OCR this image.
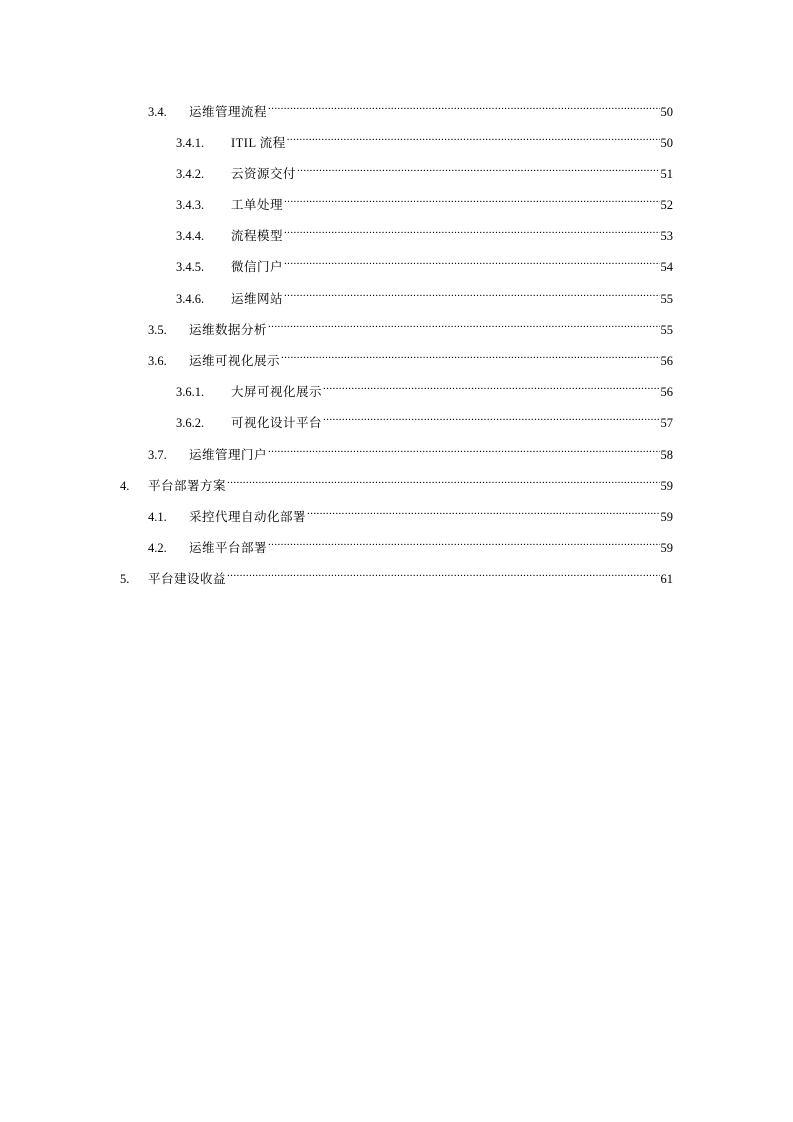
3.4.	运维管理流程 .....	50
3.4.1.	ITIL 流程 .....	50
3.4.2.	云资源交付 .....	51
3.4.3.	工单处理 .....	52
3.4.4.	流程模型 .....	53
3.4.5.	微信门户 .....	54
3.4.6.	运维网站 .....	55
3.5.	运维数据分析 .....	55
3.6.	运维可视化展示 .....	56
3.6.1.	大屏可视化展示 .....	56
3.6.2.	可视化设计平台 .....	57
3.7.	运维管理门户 .....	58
4.	平台部署方案 .....	59
4.1.	采控代理自动化部署 .....	59
4.2.	运维平台部署 .....	59
5.	平台建设收益 .....	61
